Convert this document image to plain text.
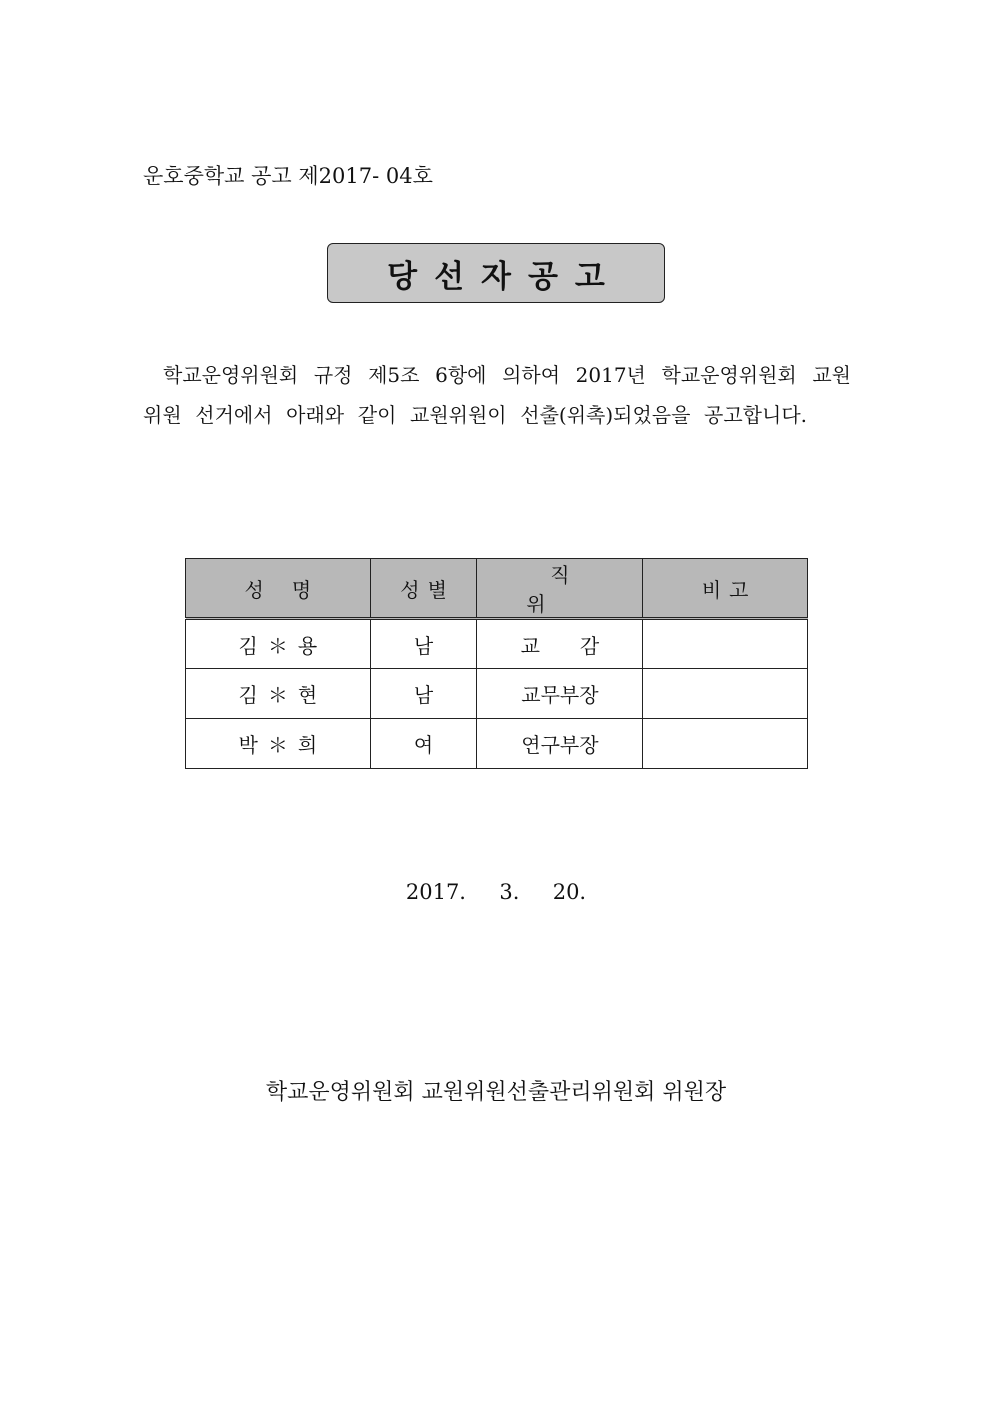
운호중학교 공고 제2017- 04호
당선자공고
학교운영위원회 규정 제5조 6항에 의하여 2017년 학교운영위원회 교원
위원 선거에서 아래와 같이 교원위원이 선출(위촉)되었음을 공고합니다.
성명	성별	직위	비고
김＊용	남	교감	
김＊현	남	교무부장	
박＊희	여	연구부장	
2017.  3.  20.
학교운영위원회 교원위원선출관리위원회 위원장
